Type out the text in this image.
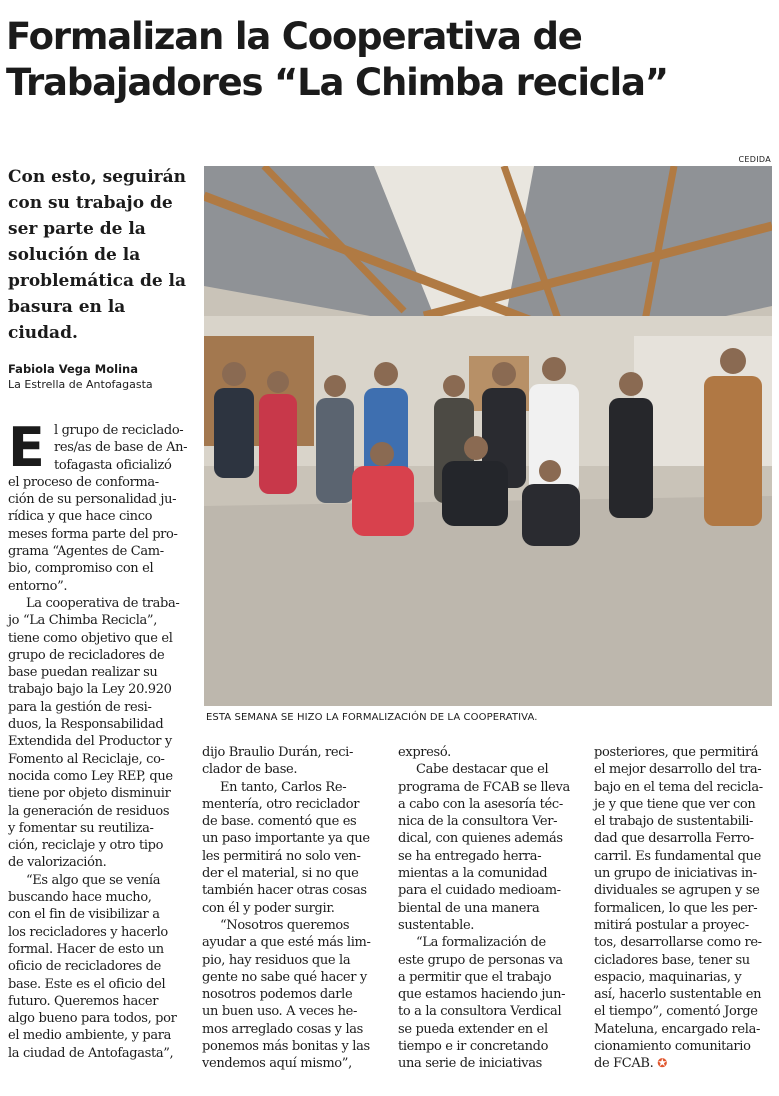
Formalizan la Cooperativa de
Trabajadores “La Chimba recicla”
Con esto, seguirán
con su trabajo de
ser parte de la
solución de la
problemática de la
basura en la
ciudad.
Fabiola Vega Molina
La Estrella de Antofagasta
CEDIDA
ESTA SEMANA SE HIZO LA FORMALIZACIÓN DE LA COOPERATIVA.
E l grupo de reciclado-
res/as de base de An-
tofagasta oficializó
el proceso de conforma-
ción de su personalidad ju-
rídica y que hace cinco
meses forma parte del pro-
grama “Agentes de Cam-
bio, compromiso con el
entorno”.
La cooperativa de traba-
jo “La Chimba Recicla”,
tiene como objetivo que el
grupo de recicladores de
base puedan realizar su
trabajo bajo la Ley 20.920
para la gestión de resi-
duos, la Responsabilidad
Extendida del Productor y
Fomento al Reciclaje, co-
nocida como Ley REP, que
tiene por objeto disminuir
la generación de residuos
y fomentar su reutiliza-
ción, reciclaje y otro tipo
de valorización.
“Es algo que se venía
buscando hace mucho,
con el fin de visibilizar a
los recicladores y hacerlo
formal. Hacer de esto un
oficio de recicladores de
base. Este es el oficio del
futuro. Queremos hacer
algo bueno para todos, por
el medio ambiente, y para
la ciudad de Antofagasta”,
dijo Braulio Durán, reci-
clador de base.
En tanto, Carlos Re-
mentería, otro reciclador
de base. comentó que es
un paso importante ya que
les permitirá no solo ven-
der el material, si no que
también hacer otras cosas
con él y poder surgir.
“Nosotros queremos
ayudar a que esté más lim-
pio, hay residuos que la
gente no sabe qué hacer y
nosotros podemos darle
un buen uso. A veces he-
mos arreglado cosas y las
ponemos más bonitas y las
vendemos aquí mismo”,
expresó.
Cabe destacar que el
programa de FCAB se lleva
a cabo con la asesoría téc-
nica de la consultora Ver-
dical, con quienes además
se ha entregado herra-
mientas a la comunidad
para el cuidado medioam-
biental de una manera
sustentable.
“La formalización de
este grupo de personas va
a permitir que el trabajo
que estamos haciendo jun-
to a la consultora Verdical
se pueda extender en el
tiempo e ir concretando
una serie de iniciativas
posteriores, que permitirá
el mejor desarrollo del tra-
bajo en el tema del recicla-
je y que tiene que ver con
el trabajo de sustentabili-
dad que desarrolla Ferro-
carril. Es fundamental que
un grupo de iniciativas in-
dividuales se agrupen y se
formalicen, lo que les per-
mitirá postular a proyec-
tos, desarrollarse como re-
cicladores base, tener su
espacio, maquinarias, y
así, hacerlo sustentable en
el tiempo”, comentó Jorge
Mateluna, encargado rela-
cionamiento comunitario
de FCAB. ✪
